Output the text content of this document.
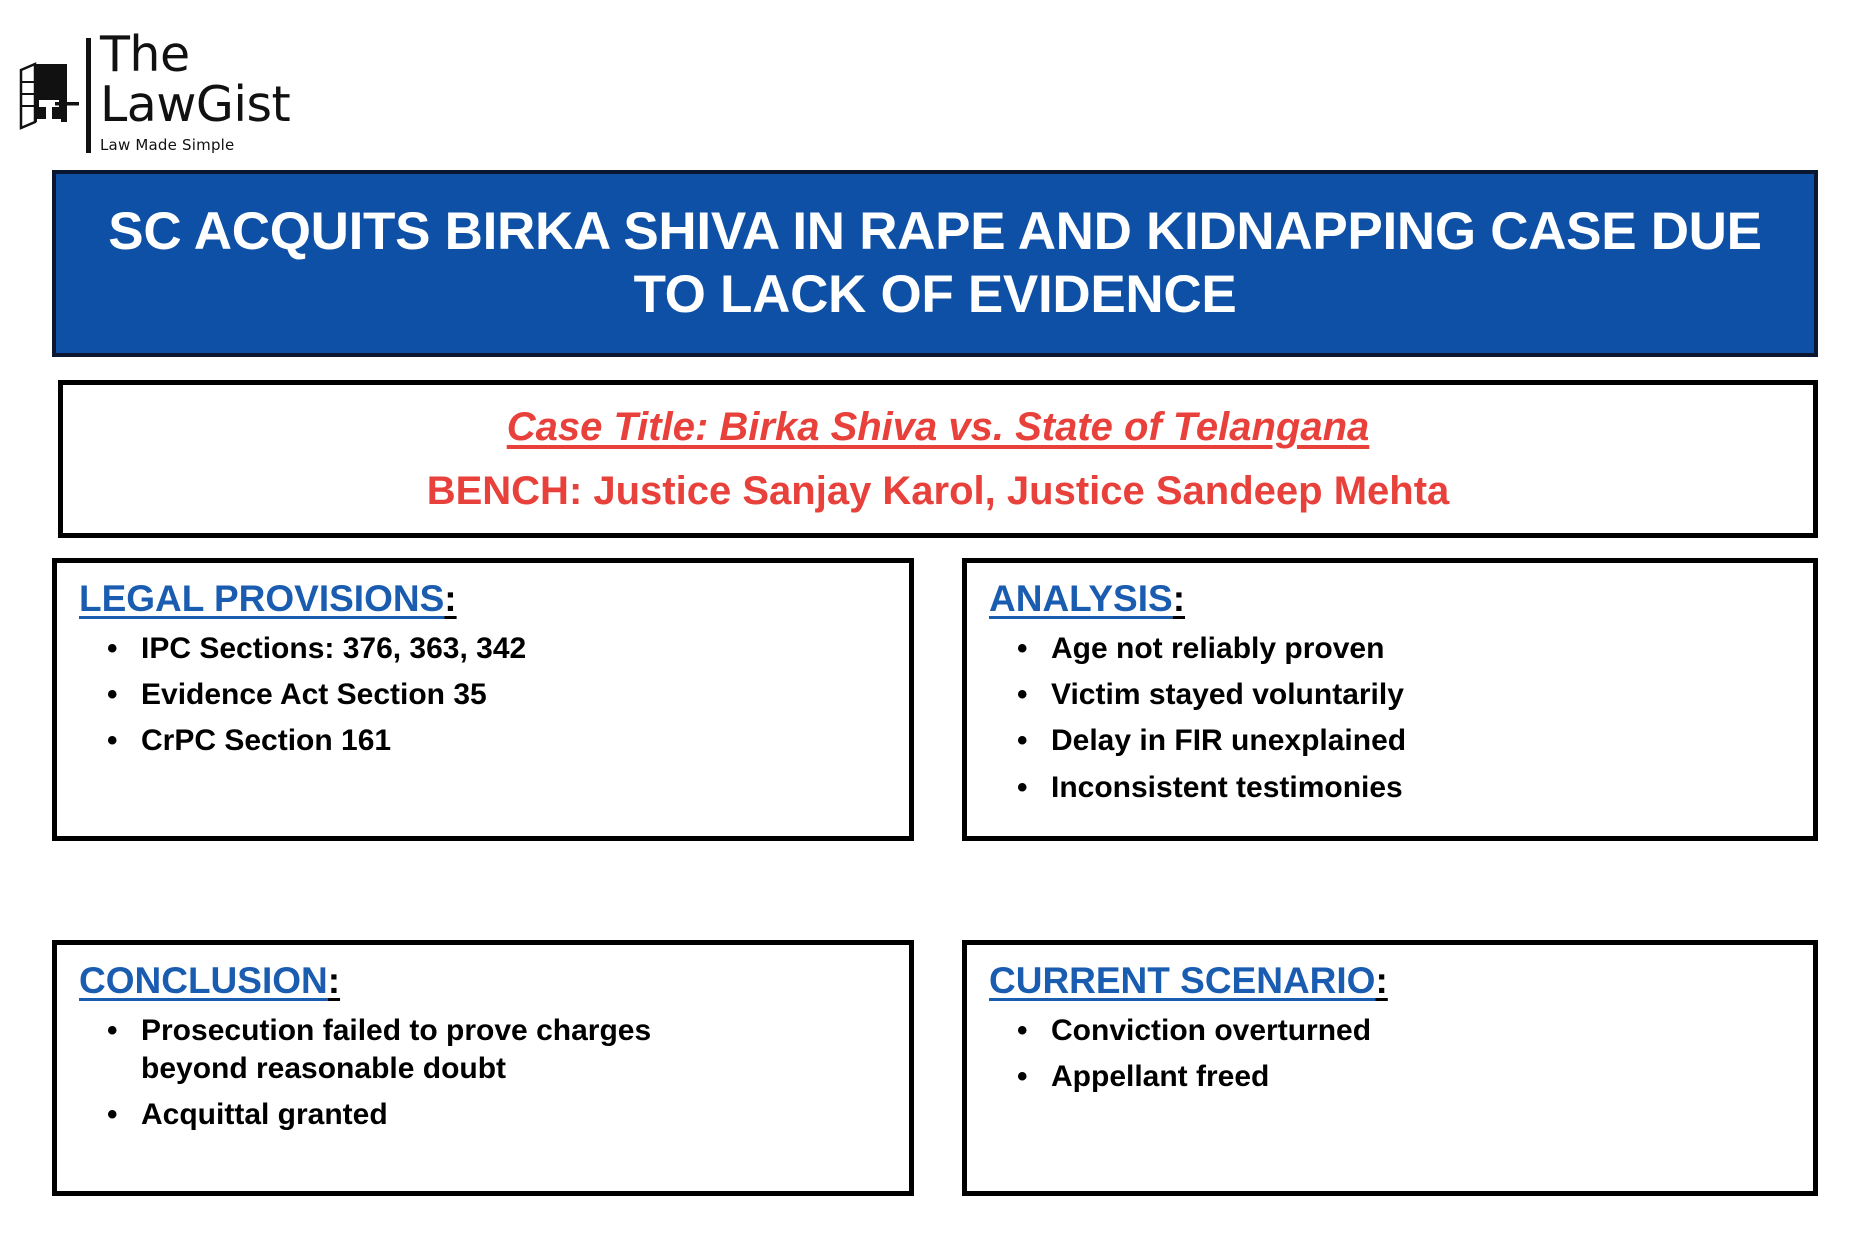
The
LawGist
Law Made Simple
SC ACQUITS BIRKA SHIVA IN RAPE AND KIDNAPPING CASE DUE TO LACK OF EVIDENCE
Case Title: Birka Shiva vs. State of Telangana
BENCH: Justice Sanjay Karol, Justice Sandeep Mehta
LEGAL PROVISIONS:
• IPC Sections: 376, 363, 342
• Evidence Act Section 35
• CrPC Section 161
ANALYSIS:
• Age not reliably proven
• Victim stayed voluntarily
• Delay in FIR unexplained
• Inconsistent testimonies
CONCLUSION:
• Prosecution failed to prove charges beyond reasonable doubt
• Acquittal granted
CURRENT SCENARIO:
• Conviction overturned
• Appellant freed
